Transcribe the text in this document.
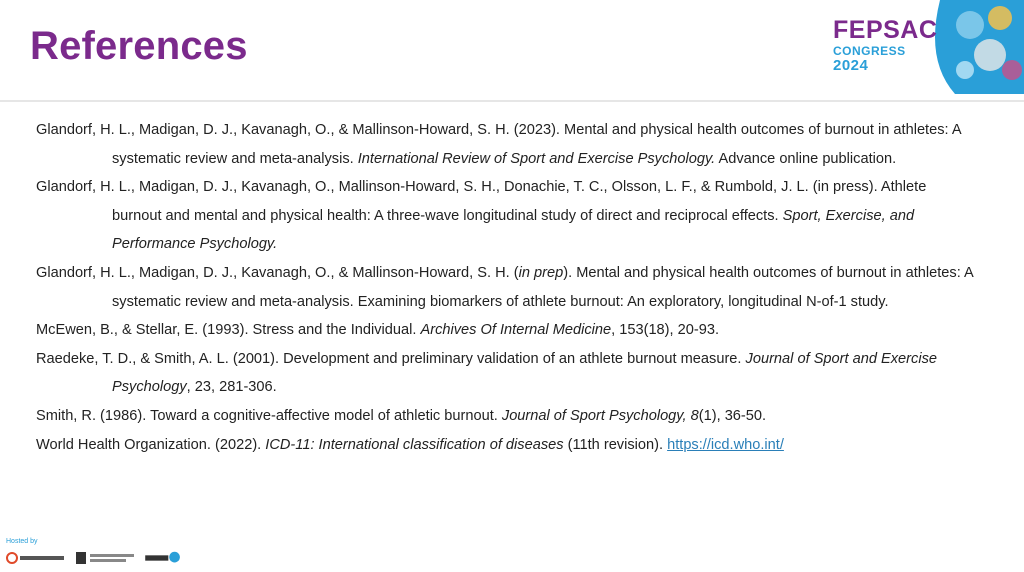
References	FEPSAC
CONGRESS
2024

Glandorf, H. L., Madigan, D. J., Kavanagh, O., & Mallinson-Howard, S. H. (2023). Mental and physical health outcomes of burnout in athletes: A systematic review and meta-analysis. International Review of Sport and Exercise Psychology. Advance online publication.

Glandorf, H. L., Madigan, D. J., Kavanagh, O., Mallinson-Howard, S. H., Donachie, T. C., Olsson, L. F., & Rumbold, J. L. (in press). Athlete burnout and mental and physical health: A three-wave longitudinal study of direct and reciprocal effects. Sport, Exercise, and Performance Psychology.

Glandorf, H. L., Madigan, D. J., Kavanagh, O., & Mallinson-Howard, S. H. (in prep). Mental and physical health outcomes of burnout in athletes: A systematic review and meta-analysis. Examining biomarkers of athlete burnout: An exploratory, longitudinal N-of-1 study.

McEwen, B., & Stellar, E. (1993). Stress and the Individual. Archives Of Internal Medicine, 153(18), 20-93.

Raedeke, T. D., & Smith, A. L. (2001). Development and preliminary validation of an athlete burnout measure. Journal of Sport and Exercise Psychology, 23, 281-306.

Smith, R. (1986). Toward a cognitive-affective model of athletic burnout. Journal of Sport Psychology, 8(1), 36-50.

World Health Organization. (2022). ICD-11: International classification of diseases (11th revision). https://icd.who.int/

Hosted by
